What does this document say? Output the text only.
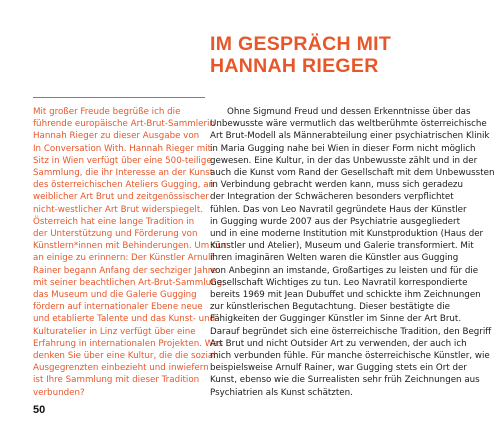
IM GESPRÄCH MIT
HANNAH RIEGER
Mit großer Freude begrüße ich die
führende europäische Art-Brut-Sammlerin
Hannah Rieger zu dieser Ausgabe von
In Conversation With. Hannah Rieger mit
Sitz in Wien verfügt über eine 500-teilige
Sammlung, die ihr Interesse an der Kunst
des österreichischen Ateliers Gugging, an
weiblicher Art Brut und zeitgenössischer
nicht-westlicher Art Brut widerspiegelt.
Österreich hat eine lange Tradition in
der Unterstützung und Förderung von
Künstlern*innen mit Behinderungen. Um nur
an einige zu erinnern: Der Künstler Arnulf
Rainer begann Anfang der sechziger Jahre
mit seiner beachtlichen Art-Brut-Sammlung;
das Museum und die Galerie Gugging
fördern auf internationaler Ebene neue
und etablierte Talente und das Kunst- und
Kulturatelier in Linz verfügt über eine
Erfahrung in internationalen Projekten. Was
denken Sie über eine Kultur, die die sozial
Ausgegrenzten einbezieht und inwiefern
ist Ihre Sammlung mit dieser Tradition
verbunden?
Ohne Sigmund Freud und dessen Erkenntnisse über das
Unbewusste wäre vermutlich das weltberühmte österreichische
Art Brut-Modell als Männerabteilung einer psychiatrischen Klinik
in Maria Gugging nahe bei Wien in dieser Form nicht möglich
gewesen. Eine Kultur, in der das Unbewusste zählt und in der
auch die Kunst vom Rand der Gesellschaft mit dem Unbewussten
in Verbindung gebracht werden kann, muss sich geradezu
der Integration der Schwächeren besonders verpflichtet
fühlen. Das von Leo Navratil gegründete Haus der Künstler
in Gugging wurde 2007 aus der Psychiatrie ausgegliedert
und in eine moderne Institution mit Kunstproduktion (Haus der
Künstler und Atelier), Museum und Galerie transformiert. Mit
ihren imaginären Welten waren die Künstler aus Gugging
von Anbeginn an imstande, Großartiges zu leisten und für die
Gesellschaft Wichtiges zu tun. Leo Navratil korrespondierte
bereits 1969 mit Jean Dubuffet und schickte ihm Zeichnungen
zur künstlerischen Begutachtung. Dieser bestätigte die
Fähigkeiten der Gugginger Künstler im Sinne der Art Brut.
Darauf begründet sich eine österreichische Tradition, den Begriff
Art Brut und nicht Outsider Art zu verwenden, der auch ich
mich verbunden fühle. Für manche österreichische Künstler, wie
beispielsweise Arnulf Rainer, war Gugging stets ein Ort der
Kunst, ebenso wie die Surrealisten sehr früh Zeichnungen aus
Psychiatrien als Kunst schätzten.
50
